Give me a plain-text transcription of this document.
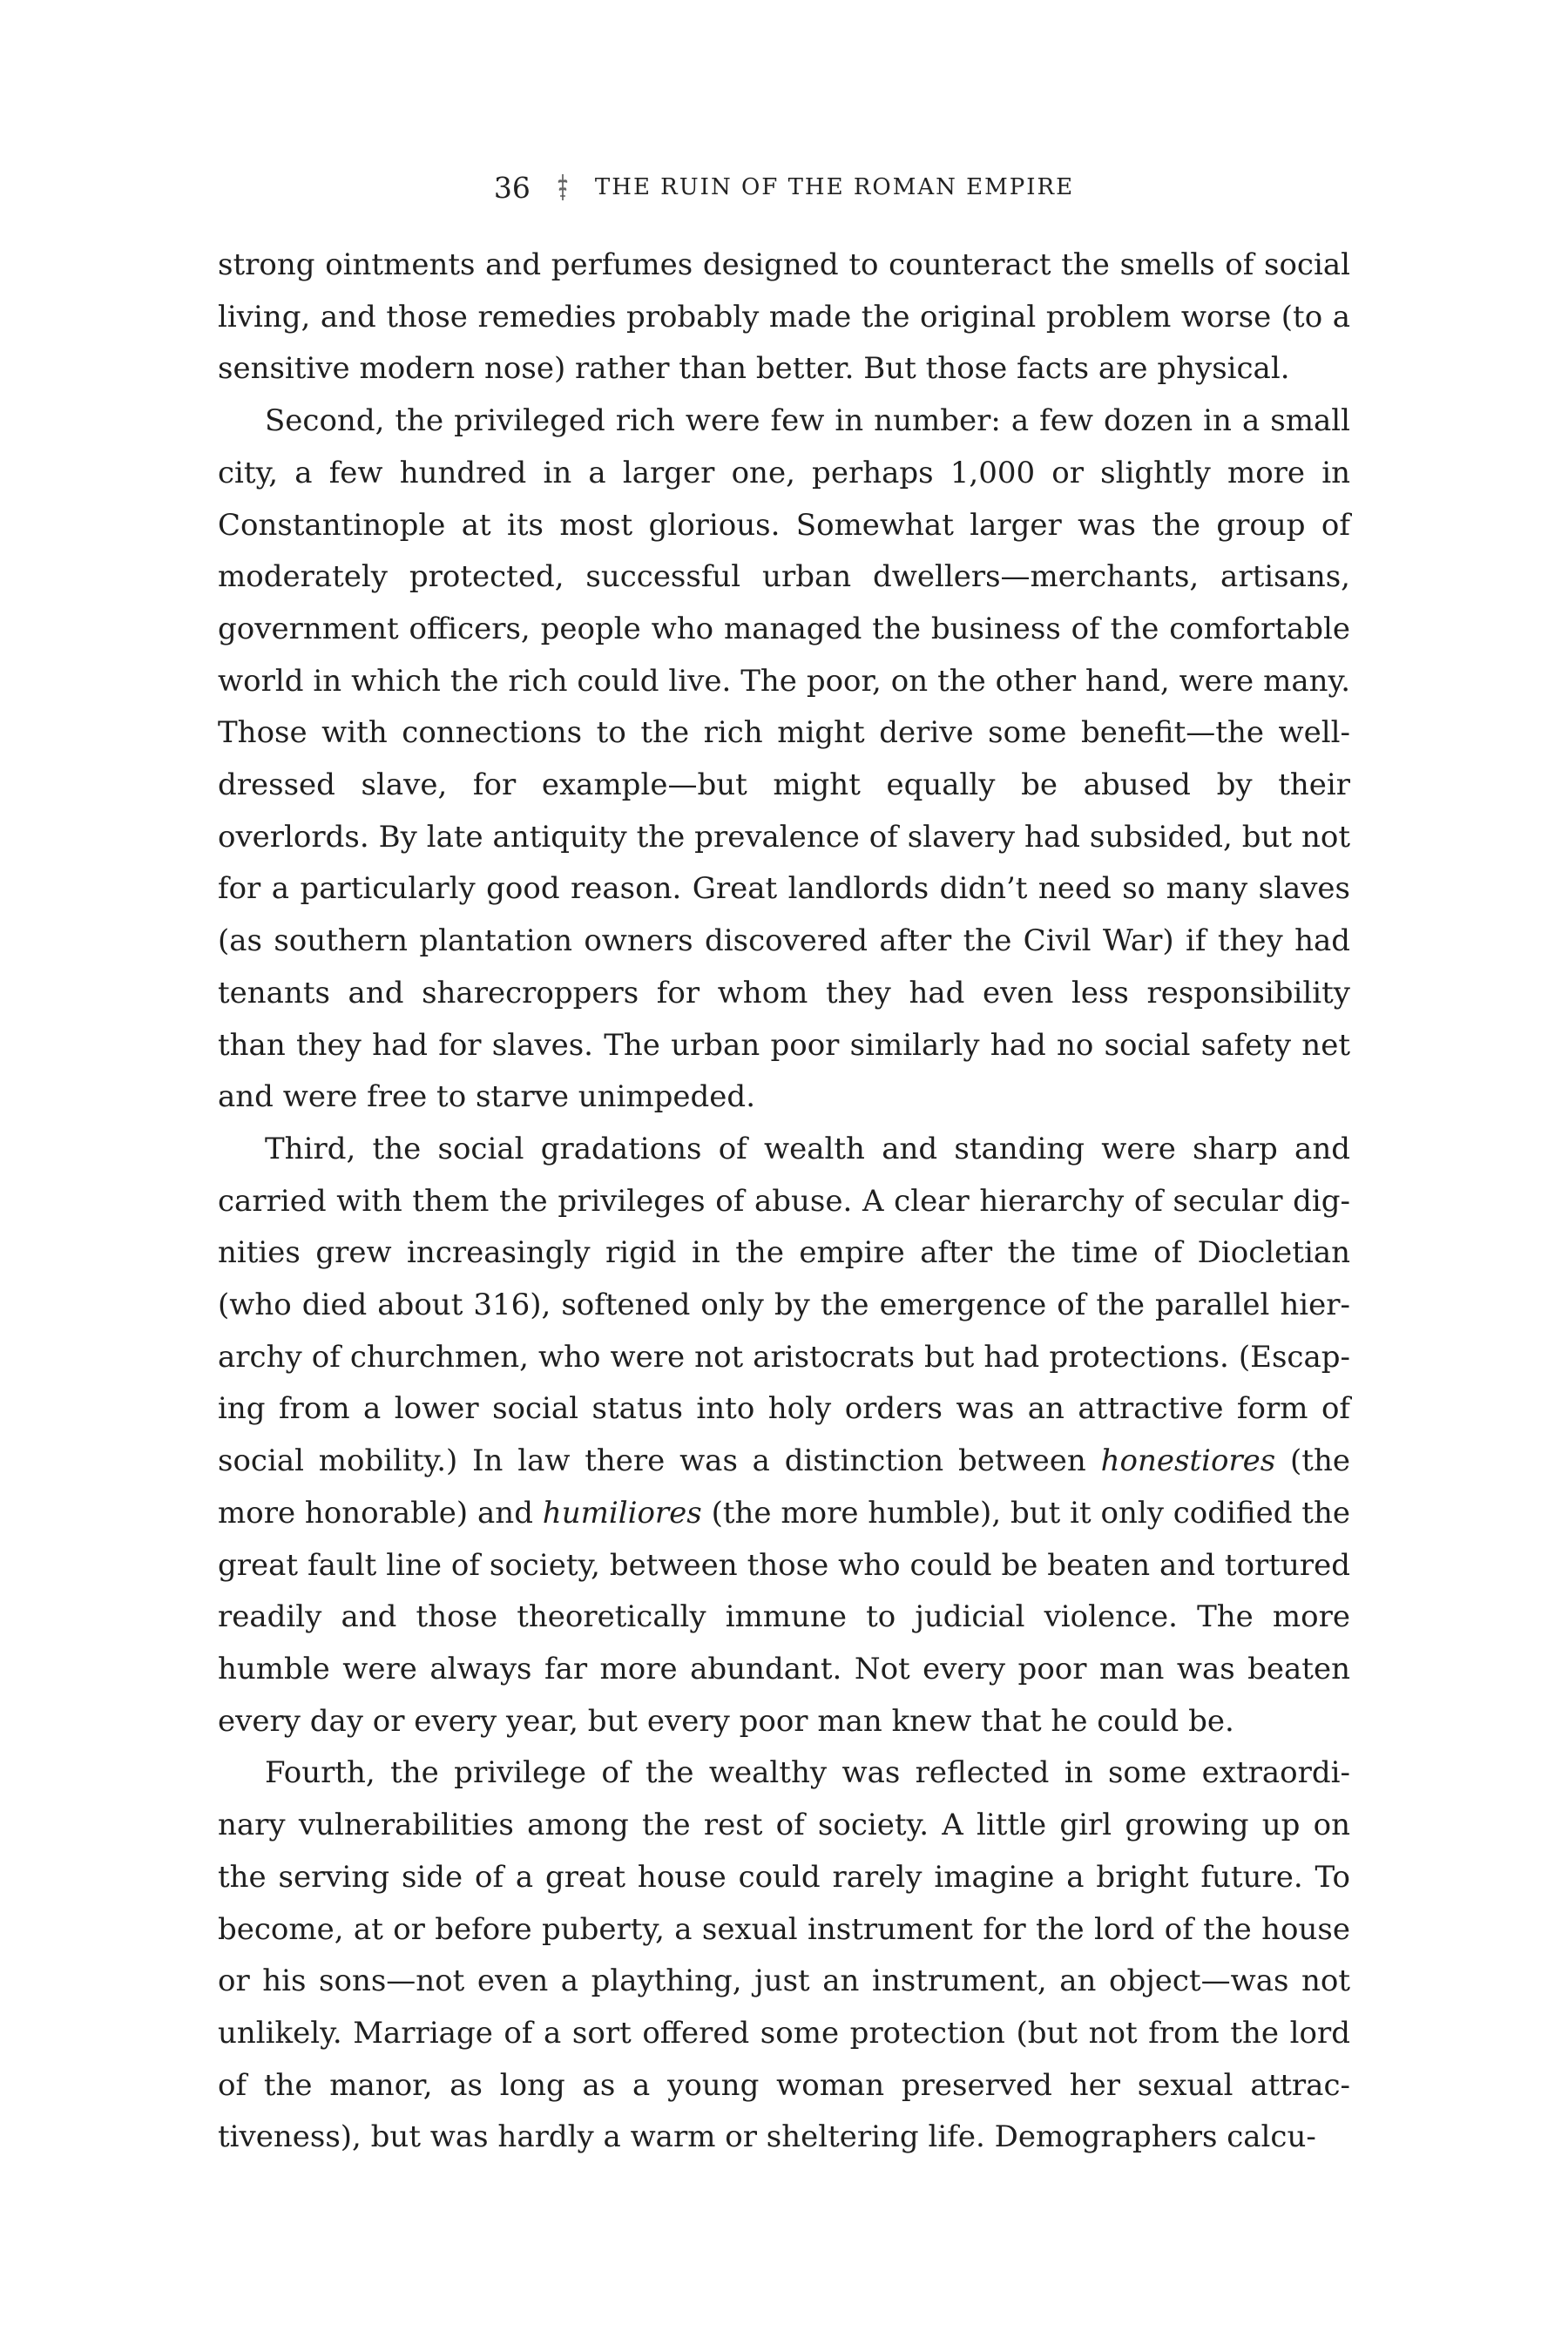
36	THE RUIN OF THE ROMAN EMPIRE

strong ointments and perfumes designed to counteract the smells of social living, and those remedies probably made the original problem worse (to a sensitive modern nose) rather than better. But those facts are physical.

Second, the privileged rich were few in number: a few dozen in a small city, a few hundred in a larger one, perhaps 1,000 or slightly more in Constantinople at its most glorious. Somewhat larger was the group of moderately protected, successful urban dwellers—merchants, artisans, government officers, people who managed the business of the comfortable world in which the rich could live. The poor, on the other hand, were many. Those with connections to the rich might derive some benefit—the well-dressed slave, for example—but might equally be abused by their overlords. By late antiquity the prevalence of slavery had subsided, but not for a particularly good reason. Great landlords didn’t need so many slaves (as southern plantation owners discovered after the Civil War) if they had tenants and sharecroppers for whom they had even less responsibility than they had for slaves. The urban poor similarly had no social safety net and were free to starve unimpeded.

Third, the social gradations of wealth and standing were sharp and carried with them the privileges of abuse. A clear hierarchy of secular dignities grew increasingly rigid in the empire after the time of Diocletian (who died about 316), softened only by the emergence of the parallel hierarchy of churchmen, who were not aristocrats but had protections. (Escaping from a lower social status into holy orders was an attractive form of social mobility.) In law there was a distinction between honestiores (the more honorable) and humiliores (the more humble), but it only codified the great fault line of society, between those who could be beaten and tortured readily and those theoretically immune to judicial violence. The more humble were always far more abundant. Not every poor man was beaten every day or every year, but every poor man knew that he could be.

Fourth, the privilege of the wealthy was reflected in some extraordinary vulnerabilities among the rest of society. A little girl growing up on the serving side of a great house could rarely imagine a bright future. To become, at or before puberty, a sexual instrument for the lord of the house or his sons—not even a plaything, just an instrument, an object—was not unlikely. Marriage of a sort offered some protection (but not from the lord of the manor, as long as a young woman preserved her sexual attractiveness), but was hardly a warm or sheltering life. Demographers calcu-
